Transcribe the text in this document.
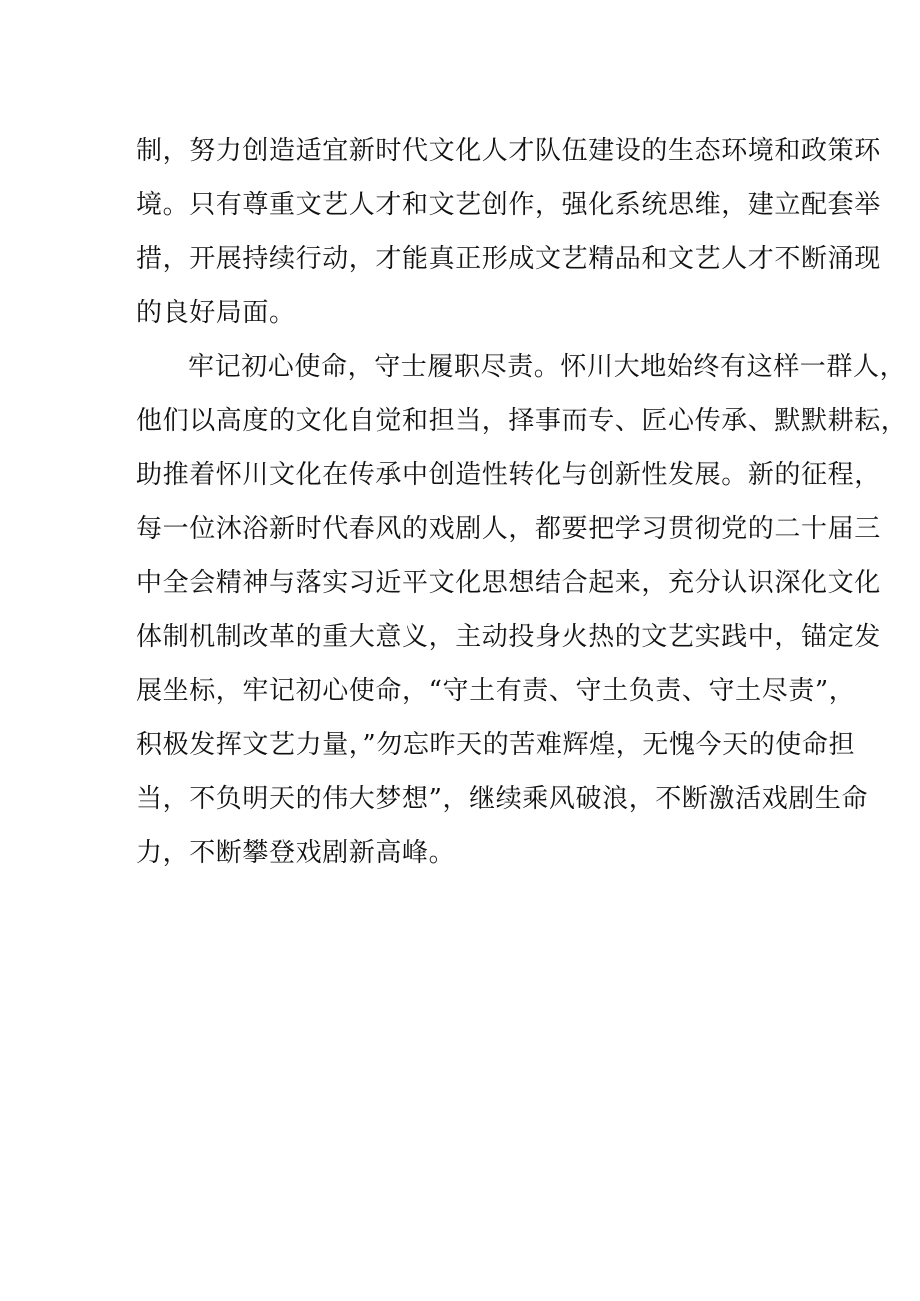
制，努力创造适宜新时代文化人才队伍建设的生态环境和政策环
境。只有尊重文艺人才和文艺创作，强化系统思维，建立配套举
措，开展持续行动，才能真正形成文艺精品和文艺人才不断涌现
的良好局面。
牢记初心使命，守士履职尽责。怀川大地始终有这样一群人，
他们以高度的文化自觉和担当，择事而专、匠心传承、默默耕耘，
助推着怀川文化在传承中创造性转化与创新性发展。新的征程，
每一位沐浴新时代春风的戏剧人，都要把学习贯彻党的二十届三
中全会精神与落实习近平文化思想结合起来，充分认识深化文化
体制机制改革的重大意义，主动投身火热的文艺实践中，锚定发
展坐标，牢记初心使命，“守土有责、守土负责、守土尽责”，
积极发挥文艺力量，”勿忘昨天的苦难辉煌，无愧今天的使命担
当，不负明天的伟大梦想”，继续乘风破浪，不断激活戏剧生命
力，不断攀登戏剧新高峰。
